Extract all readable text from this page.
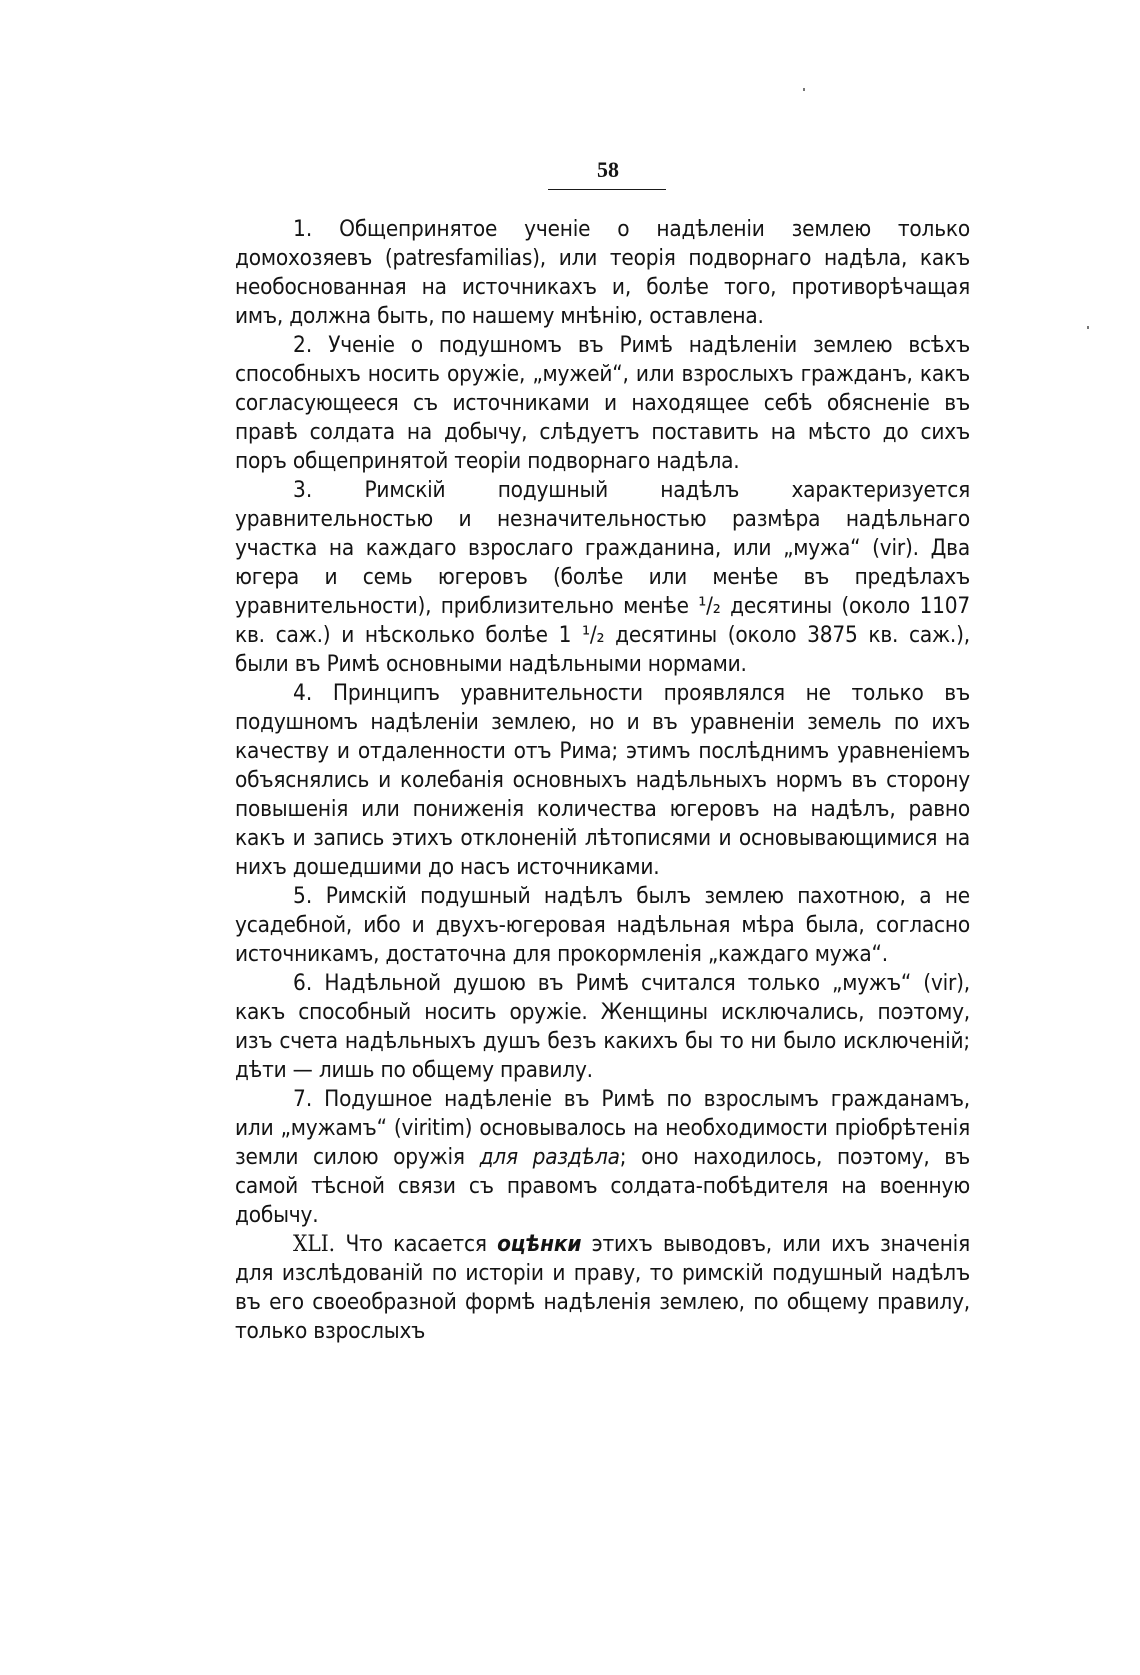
58

1. Общепринятое ученіе о надѣленіи землею только домохозяевъ (patresfamilias), или теорія подворнаго надѣла, какъ необоснованная на источникахъ и, болѣе того, противорѣчащая имъ, должна быть, по нашему мнѣнію, оставлена.

2. Ученіе о подушномъ въ Римѣ надѣленіи землею всѣхъ способныхъ носить оружіе, „мужей“, или взрослыхъ гражданъ, какъ согласующееся съ источниками и находящее себѣ обясненіе въ правѣ солдата на добычу, слѣдуетъ поставить на мѣсто до сихъ поръ общепринятой теоріи подворнаго надѣла.

3. Римскій подушный надѣлъ характеризуется уравнительностью и незначительностью размѣра надѣльнаго участка на каждаго взрослаго гражданина, или „мужа“ (vir). Два югера и семь югеровъ (болѣе или менѣе въ предѣлахъ уравнительности), приблизительно менѣе ¹/₂ десятины (около 1107 кв. саж.) и нѣсколько болѣе 1 ¹/₂ десятины (около 3875 кв. саж.), были въ Римѣ основными надѣльными нормами.

4. Принципъ уравнительности проявлялся не только въ подушномъ надѣленіи землею, но и въ уравненіи земель по ихъ качеству и отдаленности отъ Рима; этимъ послѣднимъ уравненіемъ объяснялись и колебанія основныхъ надѣльныхъ нормъ въ сторону повышенія или пониженія количества югеровъ на надѣлъ, равно какъ и запись этихъ отклоненій лѣтописями и основывающимися на нихъ дошедшими до насъ источниками.

5. Римскій подушный надѣлъ былъ землею пахотною, а не усадебной, ибо и двухъ-югеровая надѣльная мѣра была, согласно источникамъ, достаточна для прокормленія „каждаго мужа“.

6. Надѣльной душою въ Римѣ считался только „мужъ“ (vir), какъ способный носить оружіе. Женщины исключались, поэтому, изъ счета надѣльныхъ душъ безъ какихъ бы то ни было исключеній; дѣти — лишь по общему правилу.

7. Подушное надѣленіе въ Римѣ по взрослымъ гражданамъ, или „мужамъ“ (viritim) основывалось на необходимости пріобрѣтенія земли силою оружія для раздѣла; оно находилось, поэтому, въ самой тѣсной связи съ правомъ солдата-побѣдителя на военную добычу.

XLI. Что касается оцѣнки этихъ выводовъ, или ихъ значенія для изслѣдованій по исторіи и праву, то римскій подушный надѣлъ въ его своеобразной формѣ надѣленія землею, по общему правилу, только взрослыхъ
